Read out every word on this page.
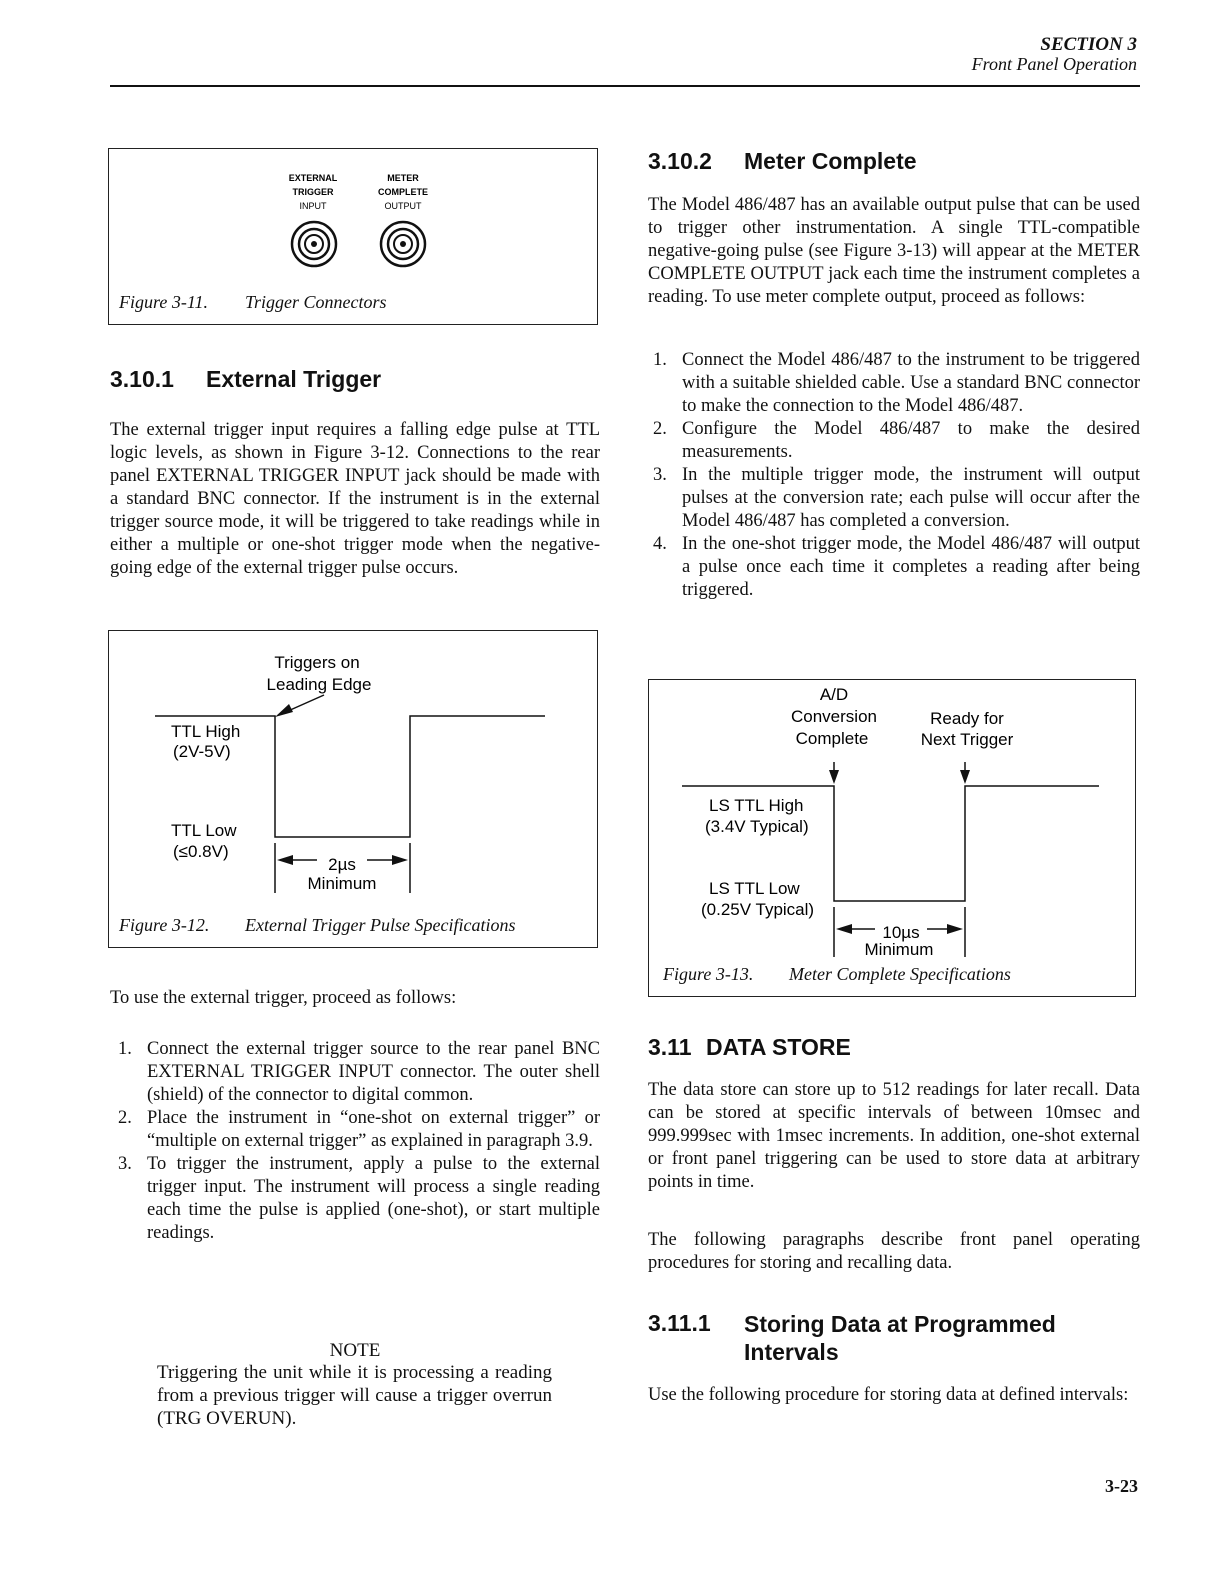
SECTION 3
Front Panel Operation
EXTERNAL
TRIGGER
INPUT
METER
COMPLETE
OUTPUT
Figure 3-11. Trigger Connectors
3.10.1 External Trigger
The external trigger input requires a falling edge pulse at TTL logic levels, as shown in Figure 3-12. Connections to the rear panel EXTERNAL TRIGGER INPUT jack should be made with a standard BNC connector. If the instrument is in the external trigger source mode, it will be triggered to take readings while in either a multiple or one-shot trigger mode when the negative-going edge of the external trigger pulse occurs.
Triggers on
Leading Edge
TTL High
(2V-5V)
TTL Low
(≤0.8V)
2µs
Minimum
Figure 3-12. External Trigger Pulse Specifications
To use the external trigger, proceed as follows:
1. Connect the external trigger source to the rear panel BNC EXTERNAL TRIGGER INPUT connector. The outer shell (shield) of the connector to digital common.
2. Place the instrument in “one-shot on external trigger” or “multiple on external trigger” as explained in paragraph 3.9.
3. To trigger the instrument, apply a pulse to the external trigger input. The instrument will process a single reading each time the pulse is applied (one-shot), or start multiple readings.
NOTE
Triggering the unit while it is processing a reading from a previous trigger will cause a trigger overrun (TRG OVERUN).
3.10.2 Meter Complete
The Model 486/487 has an available output pulse that can be used to trigger other instrumentation. A single TTL-compatible negative-going pulse (see Figure 3-13) will appear at the METER COMPLETE OUTPUT jack each time the instrument completes a reading. To use meter complete output, proceed as follows:
1. Connect the Model 486/487 to the instrument to be triggered with a suitable shielded cable. Use a standard BNC connector to make the connection to the Model 486/487.
2. Configure the Model 486/487 to make the desired measurements.
3. In the multiple trigger mode, the instrument will output pulses at the conversion rate; each pulse will occur after the Model 486/487 has completed a conversion.
4. In the one-shot trigger mode, the Model 486/487 will output a pulse once each time it completes a reading after being triggered.
A/D
Conversion
Complete
Ready for
Next Trigger
LS TTL High
(3.4V Typical)
LS TTL Low
(0.25V Typical)
10µs
Minimum
Figure 3-13. Meter Complete Specifications
3.11 DATA STORE
The data store can store up to 512 readings for later recall. Data can be stored at specific intervals of between 10msec and 999.999sec with 1msec increments. In addition, one-shot external or front panel triggering can be used to store data at arbitrary points in time.
The following paragraphs describe front panel operating procedures for storing and recalling data.
3.11.1 Storing Data at Programmed
Intervals
Use the following procedure for storing data at defined intervals:
3-23
